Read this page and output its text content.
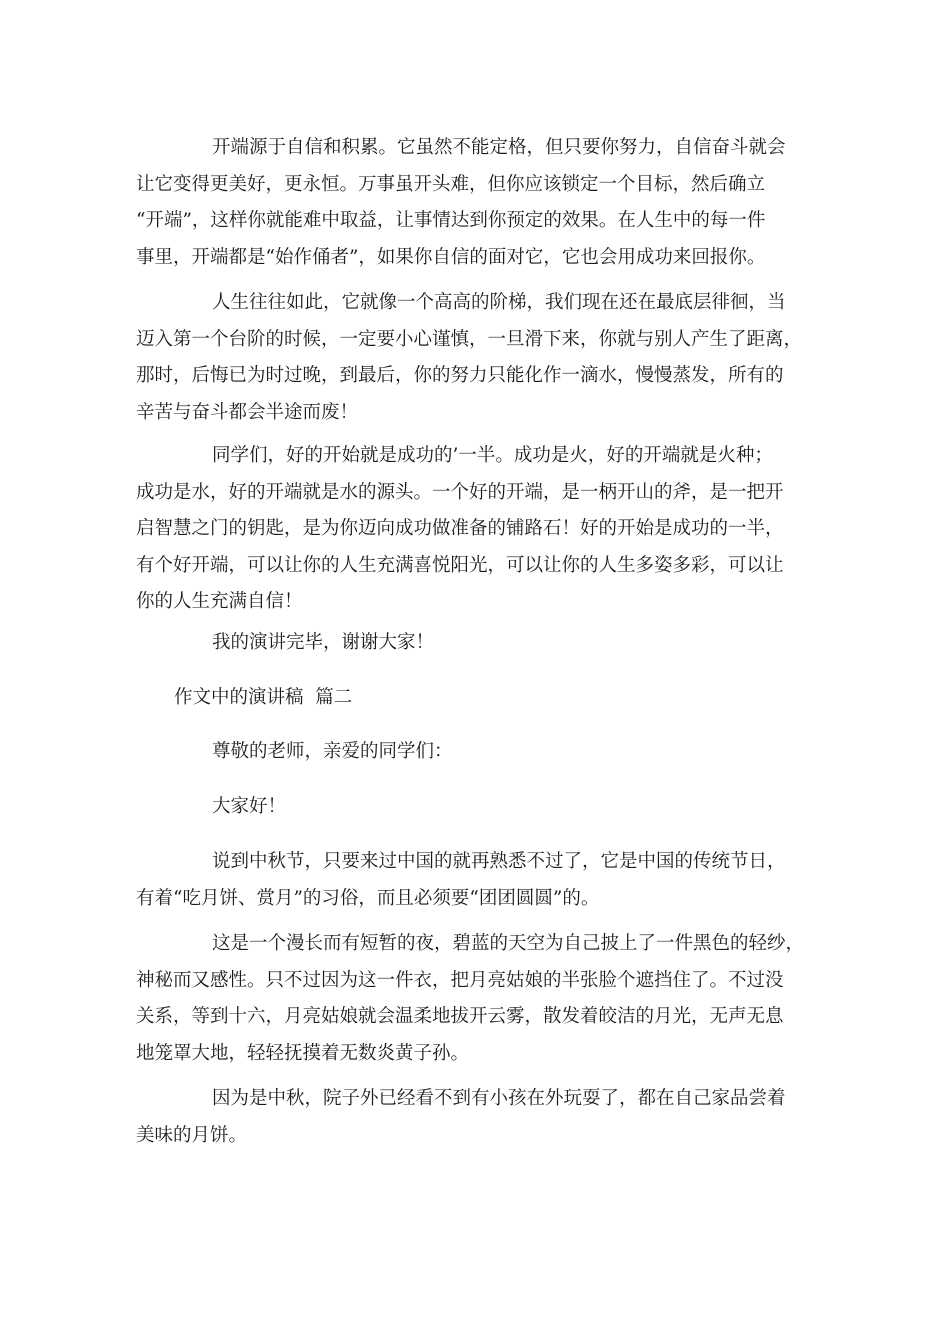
开端源于自信和积累。它虽然不能定格，但只要你努力，自信奋斗就会
让它变得更美好，更永恒。万事虽开头难，但你应该锁定一个目标，然后确立
“开端”，这样你就能难中取益，让事情达到你预定的效果。在人生中的每一件
事里，开端都是“始作俑者”，如果你自信的面对它，它也会用成功来回报你。
人生往往如此，它就像一个高高的阶梯，我们现在还在最底层徘徊，当
迈入第一个台阶的时候，一定要小心谨慎，一旦滑下来，你就与别人产生了距离，
那时，后悔已为时过晚，到最后，你的努力只能化作一滴水，慢慢蒸发，所有的
辛苦与奋斗都会半途而废！
同学们，好的开始就是成功的’一半。成功是火，好的开端就是火种；
成功是水，好的开端就是水的源头。一个好的开端，是一柄开山的斧，是一把开
启智慧之门的钥匙，是为你迈向成功做准备的铺路石！好的开始是成功的一半，
有个好开端，可以让你的人生充满喜悦阳光，可以让你的人生多姿多彩，可以让
你的人生充满自信！
我的演讲完毕，谢谢大家！
作文中的演讲稿  篇二
尊敬的老师，亲爱的同学们：
大家好！
说到中秋节，只要来过中国的就再熟悉不过了，它是中国的传统节日，
有着“吃月饼、赏月”的习俗，而且必须要“团团圆圆”的。
这是一个漫长而有短暂的夜，碧蓝的天空为自己披上了一件黑色的轻纱，
神秘而又感性。只不过因为这一件衣，把月亮姑娘的半张脸个遮挡住了。不过没
关系，等到十六，月亮姑娘就会温柔地拔开云雾，散发着皎洁的月光，无声无息
地笼罩大地，轻轻抚摸着无数炎黄子孙。
因为是中秋，院子外已经看不到有小孩在外玩耍了，都在自己家品尝着
美味的月饼。
